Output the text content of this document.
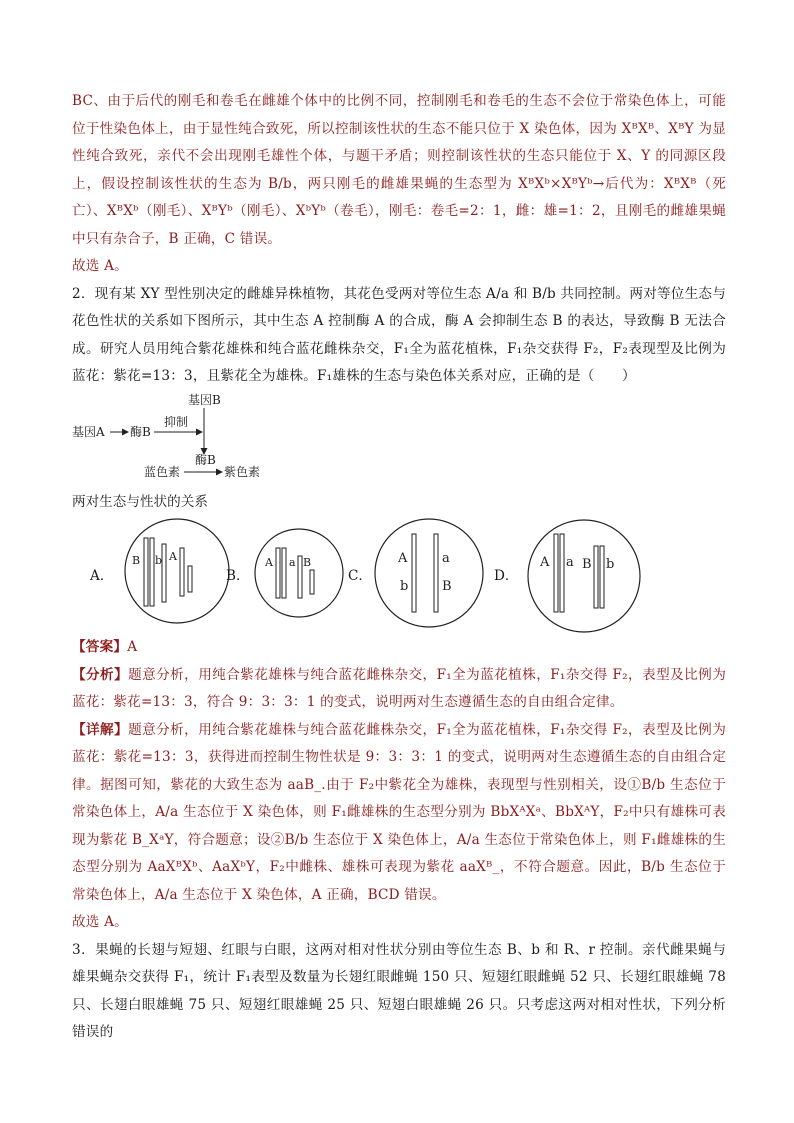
BC、由于后代的刚毛和卷毛在雌雄个体中的比例不同，控制刚毛和卷毛的生态不会位于常染色体上，可能位于性染色体上，由于显性纯合致死，所以控制该性状的生态不能只位于 X 染色体，因为 XᴮXᴮ、XᴮY 为显性纯合致死，亲代不会出现刚毛雄性个体，与题干矛盾；则控制该性状的生态只能位于 X、Y 的同源区段上，假设控制该性状的生态为 B/b，两只刚毛的雌雄果蝇的生态型为 XᴮXᵇ×XᴮYᵇ→后代为：XᴮXᴮ（死亡）、XᴮXᵇ（刚毛）、XᴮYᵇ（刚毛）、XᵇYᵇ（卷毛），刚毛：卷毛=2：1，雌：雄=1：2，且刚毛的雌雄果蝇中只有杂合子，B 正确，C 错误。

故选 A。

2．现有某 XY 型性别决定的雌雄异株植物，其花色受两对等位生态 A/a 和 B/b 共同控制。两对等位生态与花色性状的关系如下图所示，其中生态 A 控制酶 A 的合成，酶 A 会抑制生态 B 的表达，导致酶 B 无法合成。研究人员用纯合紫花雄株和纯合蓝花雌株杂交，F₁全为蓝花植株，F₁杂交获得 F₂，F₂表现型及比例为蓝花：紫花=13：3，且紫花全为雄株。F₁雄株的生态与染色体关系对应，正确的是（　　）

基因A 酶B
抑制
基因B
酶B
蓝色素	紫色素
两对生态与性状的关系
A．
B b A
B．
A a B
C．
A
b
a
B
D．
A a B b

【答案】A

【分析】题意分析，用纯合紫花雄株与纯合蓝花雌株杂交，F₁全为蓝花植株，F₁杂交得 F₂，表型及比例为蓝花：紫花=13：3，符合 9：3：3：1 的变式，说明两对生态遵循生态的自由组合定律。

【详解】题意分析，用纯合紫花雄株与纯合蓝花雌株杂交，F₁全为蓝花植株，F₁杂交得 F₂，表型及比例为蓝花：紫花=13：3，获得进而控制生物性状是 9：3：3：1 的变式，说明两对生态遵循生态的自由组合定律。据图可知，紫花的大致生态为 aaB_.由于 F₂中紫花全为雄株，表现型与性别相关，设①B/b 生态位于常染色体上，A/a 生态位于 X 染色体，则 F₁雌雄株的生态型分别为 BbXᴬXᵃ、BbXᴬY，F₂中只有雄株可表现为紫花 B_XᵃY，符合题意；设②B/b 生态位于 X 染色体上，A/a 生态位于常染色体上，则 F₁雌雄株的生态型分别为 AaXᴮXᵇ、AaXᵇY，F₂中雌株、雄株可表现为紫花 aaXᴮ_，不符合题意。因此，B/b 生态位于常染色体上，A/a 生态位于 X 染色体，A 正确，BCD 错误。

故选 A。

3．果蝇的长翅与短翅、红眼与白眼，这两对相对性状分别由等位生态 B、b 和 R、r 控制。亲代雌果蝇与雄果蝇杂交获得 F₁，统计 F₁表型及数量为长翅红眼雌蝇 150 只、短翅红眼雌蝇 52 只、长翅红眼雄蝇 78 只、长翅白眼雄蝇 75 只、短翅红眼雄蝇 25 只、短翅白眼雄蝇 26 只。只考虑这两对相对性状，下列分析错误的
